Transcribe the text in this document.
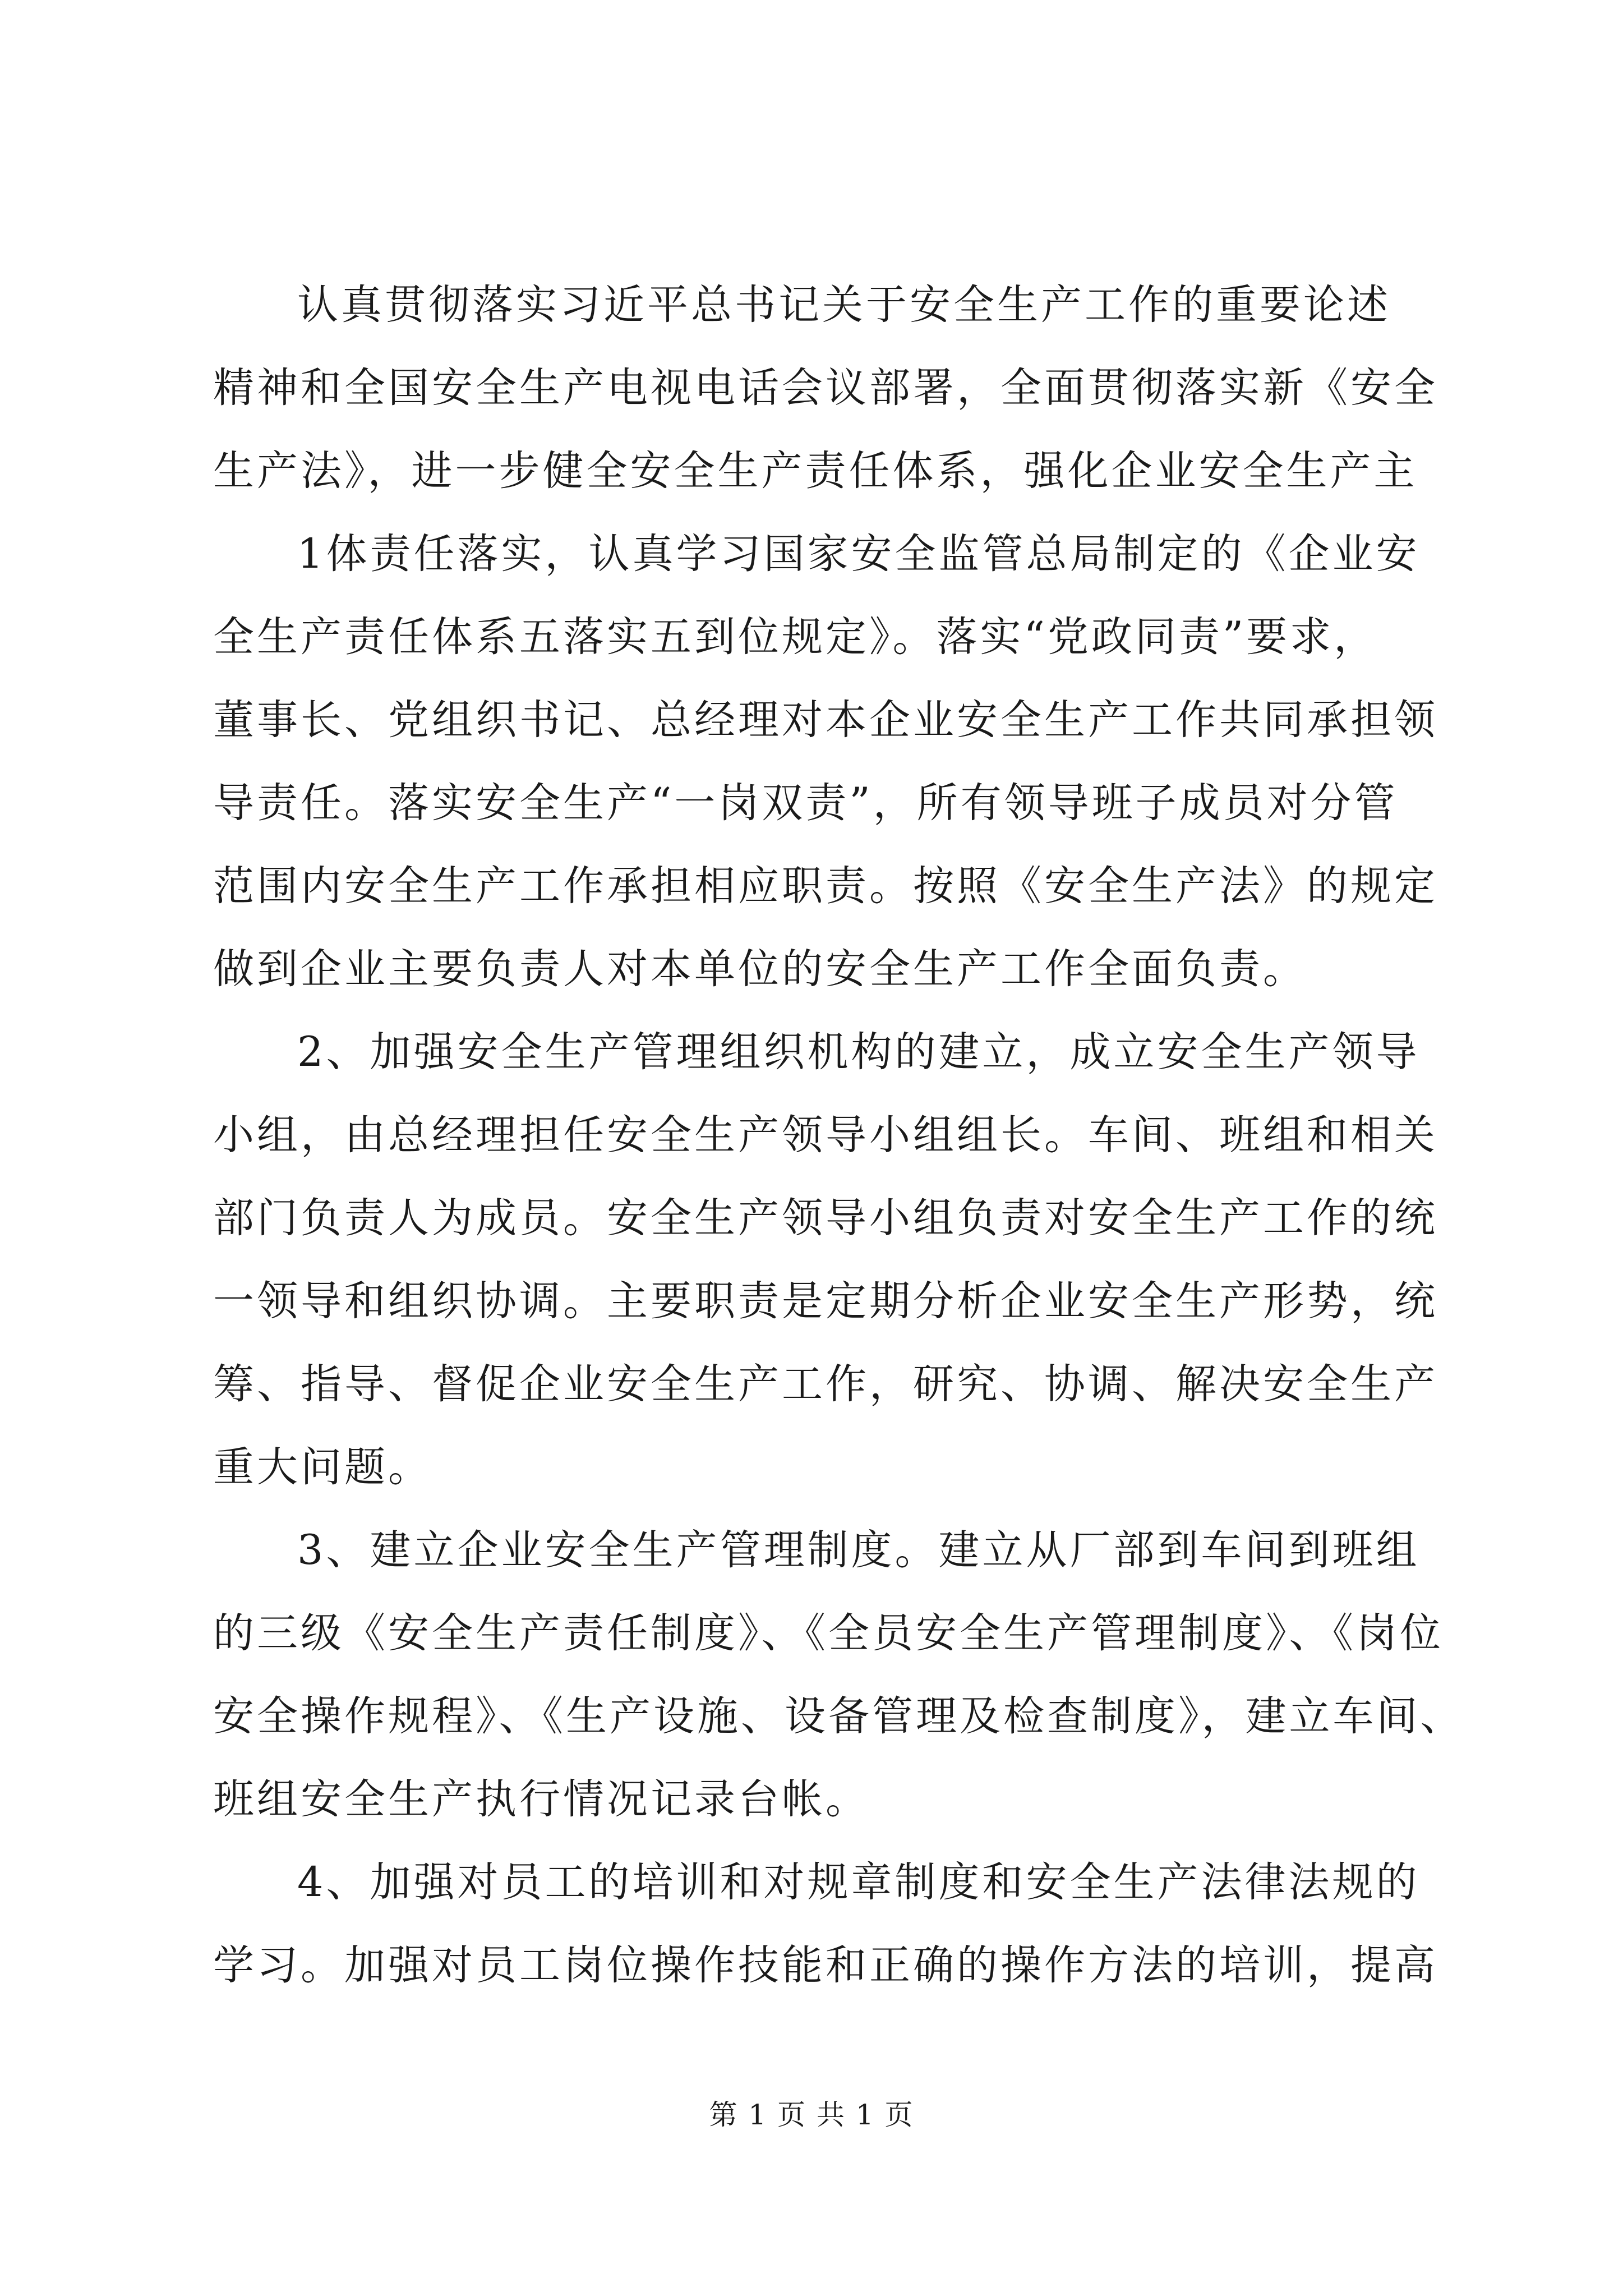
认真贯彻落实习近平总书记关于安全生产工作的重要论述
精神和全国安全生产电视电话会议部署，全面贯彻落实新《安全
生产法》，进一步健全安全生产责任体系，强化企业安全生产主
1体责任落实，认真学习国家安全监管总局制定的《企业安
全生产责任体系五落实五到位规定》。落实“党政同责”要求，
董事长、党组织书记、总经理对本企业安全生产工作共同承担领
导责任。落实安全生产“一岗双责”，所有领导班子成员对分管
范围内安全生产工作承担相应职责。按照《安全生产法》的规定
做到企业主要负责人对本单位的安全生产工作全面负责。
2、加强安全生产管理组织机构的建立，成立安全生产领导
小组，由总经理担任安全生产领导小组组长。车间、班组和相关
部门负责人为成员。安全生产领导小组负责对安全生产工作的统
一领导和组织协调。主要职责是定期分析企业安全生产形势，统
筹、指导、督促企业安全生产工作，研究、协调、解决安全生产
重大问题。
3、建立企业安全生产管理制度。建立从厂部到车间到班组
的三级《安全生产责任制度》、《全员安全生产管理制度》、《岗位
安全操作规程》、《生产设施、设备管理及检查制度》，建立车间、
班组安全生产执行情况记录台帐。
4、加强对员工的培训和对规章制度和安全生产法律法规的
学习。加强对员工岗位操作技能和正确的操作方法的培训，提高
第 1 页 共 1 页
